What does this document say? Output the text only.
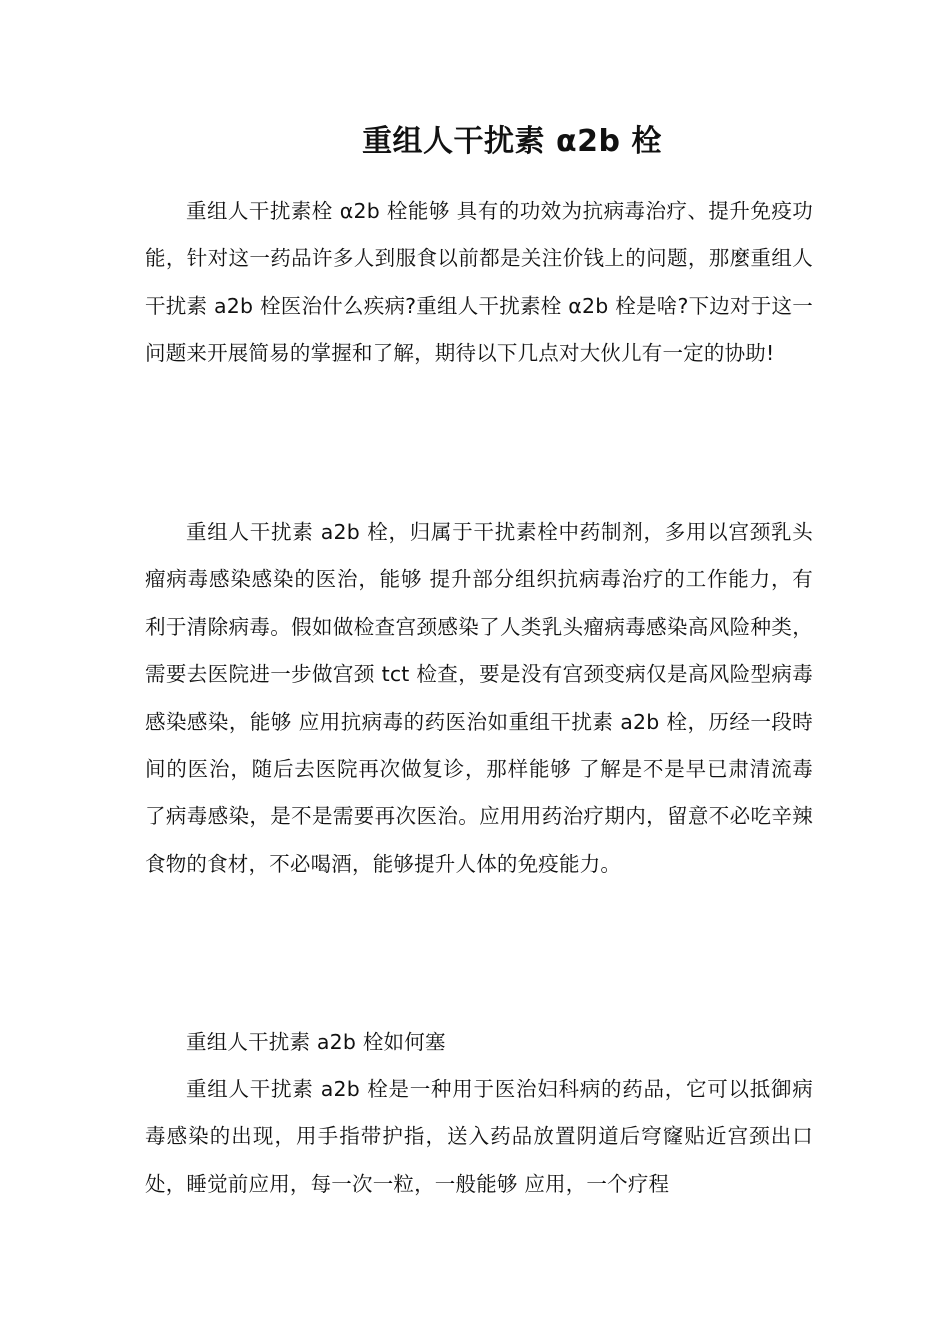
重组人干扰素 α2b 栓

重组人干扰素栓 α2b 栓能够 具有的功效为抗病毒治疗、提升免疫功能，针对这一药品许多人到服食以前都是关注价钱上的问题，那麼重组人干扰素 a2b 栓医治什么疾病?重组人干扰素栓 α2b 栓是啥?下边对于这一问题来开展简易的掌握和了解，期待以下几点对大伙儿有一定的协助!

重组人干扰素 a2b 栓，归属于干扰素栓中药制剂，多用以宫颈乳头瘤病毒感染感染的医治，能够 提升部分组织抗病毒治疗的工作能力，有利于清除病毒。假如做检查宫颈感染了人类乳头瘤病毒感染高风险种类，需要去医院进一步做宫颈 tct 检查，要是没有宫颈变病仅是高风险型病毒感染感染，能够 应用抗病毒的药医治如重组干扰素 a2b 栓，历经一段時间的医治，随后去医院再次做复诊，那样能够 了解是不是早已肃清流毒了病毒感染，是不是需要再次医治。应用用药治疗期内，留意不必吃辛辣食物的食材，不必喝酒，能够提升人体的免疫能力。

重组人干扰素 a2b 栓如何塞

重组人干扰素 a2b 栓是一种用于医治妇科病的药品，它可以抵御病毒感染的出现，用手指带护指，送入药品放置阴道后穹窿贴近宫颈出口处，睡觉前应用，每一次一粒，一般能够 应用，一个疗程
